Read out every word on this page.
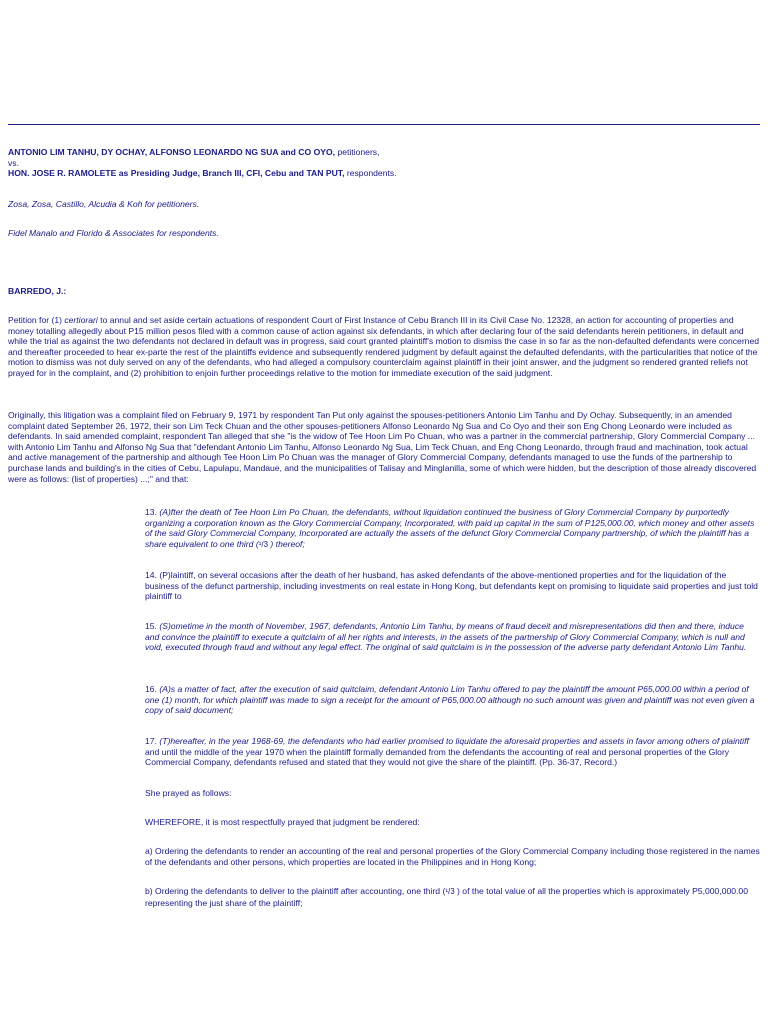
ANTONIO LIM TANHU, DY OCHAY, ALFONSO LEONARDO NG SUA and CO OYO, petitioners,

vs.

HON. JOSE R. RAMOLETE as Presiding Judge, Branch III, CFI, Cebu and TAN PUT, respondents.

Zosa, Zosa, Castillo, Alcudia & Koh for petitioners.

Fidel Manalo and Florido & Associates for respondents.

BARREDO, J.:

Petition for (1) certiorari to annul and set aside certain actuations of respondent Court of First Instance of Cebu Branch III in its Civil Case No. 12328, an action for accounting of properties and money totalling allegedly about P15 million pesos filed with a common cause of action against six defendants, in which after declaring four of the said defendants herein petitioners, in default and while the trial as against the two defendants not declared in default was in progress, said court granted plaintiff's motion to dismiss the case in so far as the non-defaulted defendants were concerned and thereafter proceeded to hear ex-parte the rest of the plaintiffs evidence and subsequently rendered judgment by default against the defaulted defendants, with the particularities that notice of the motion to dismiss was not duly served on any of the defendants, who had alleged a compulsory counterclaim against plaintiff in their joint answer, and the judgment so rendered granted reliefs not prayed for in the complaint, and (2) prohibition to enjoin further proceedings relative to the motion for immediate execution of the said judgment.

Originally, this litigation was a complaint filed on February 9, 1971 by respondent Tan Put only against the spouses-petitioners Antonio Lim Tanhu and Dy Ochay. Subsequently, in an amended complaint dated September 26, 1972, their son Lim Teck Chuan and the other spouses-petitioners Alfonso Leonardo Ng Sua and Co Oyo and their son Eng Chong Leonardo were included as defendants. In said amended complaint, respondent Tan alleged that she "is the widow of Tee Hoon Lim Po Chuan, who was a partner in the commercial partnership, Glory Commercial Company ... with Antonio Lim Tanhu and Alfonso Ng Sua that "defendant Antonio Lim Tanhu, Alfonso Leonardo Ng Sua, Lim Teck Chuan, and Eng Chong Leonardo, through fraud and machination, took actual and active management of the partnership and although Tee Hoon Lim Po Chuan was the manager of Glory Commercial Company, defendants managed to use the funds of the partnership to purchase lands and building's in the cities of Cebu, Lapulapu, Mandaue, and the municipalities of Talisay and Minglanilla, some of which were hidden, but the description of those already discovered were as follows: (list of properties) ...;" and that:

13. (A)fter the death of Tee Hoon Lim Po Chuan, the defendants, without liquidation continued the business of Glory Commercial Company by purportedly organizing a corporation known as the Glory Commercial Company, Incorporated, with paid up capital in the sum of P125,000.00, which money and other assets of the said Glory Commercial Company, Incorporated are actually the assets of the defunct Glory Commercial Company partnership, of which the plaintiff has a share equivalent to one third (¹/3 ) thereof;

14. (P)laintiff, on several occasions after the death of her husband, has asked defendants of the above-mentioned properties and for the liquidation of the business of the defunct partnership, including investments on real estate in Hong Kong, but defendants kept on promising to liquidate said properties and just told plaintiff to

15. (S)ometime in the month of November, 1967, defendants, Antonio Lim Tanhu, by means of fraud deceit and misrepresentations did then and there, induce and convince the plaintiff to execute a quitclaim of all her rights and interests, in the assets of the partnership of Glory Commercial Company, which is null and void, executed through fraud and without any legal effect. The original of said quitclaim is in the possession of the adverse party defendant Antonio Lim Tanhu.

16. (A)s a matter of fact, after the execution of said quitclaim, defendant Antonio Lim Tanhu offered to pay the plaintiff the amount P65,000.00 within a period of one (1) month, for which plaintiff was made to sign a receipt for the amount of P65,000.00 although no such amount was given and plaintiff was not even given a copy of said document;

17. (T)hereafter, in the year 1968-69, the defendants who had earlier promised to liquidate the aforesaid properties and assets in favor among others of plaintiff and until the middle of the year 1970 when the plaintiff formally demanded from the defendants the accounting of real and personal properties of the Glory Commercial Company, defendants refused and stated that they would not give the share of the plaintiff. (Pp. 36-37, Record.)

She prayed as follows:

WHEREFORE, it is most respectfully prayed that judgment be rendered:

a) Ordering the defendants to render an accounting of the real and personal properties of the Glory Commercial Company including those registered in the names of the defendants and other persons, which properties are located in the Philippines and in Hong Kong;

b) Ordering the defendants to deliver to the plaintiff after accounting, one third (¹/3 ) of the total value of all the properties which is approximately P5,000,000.00 representing the just share of the plaintiff;
